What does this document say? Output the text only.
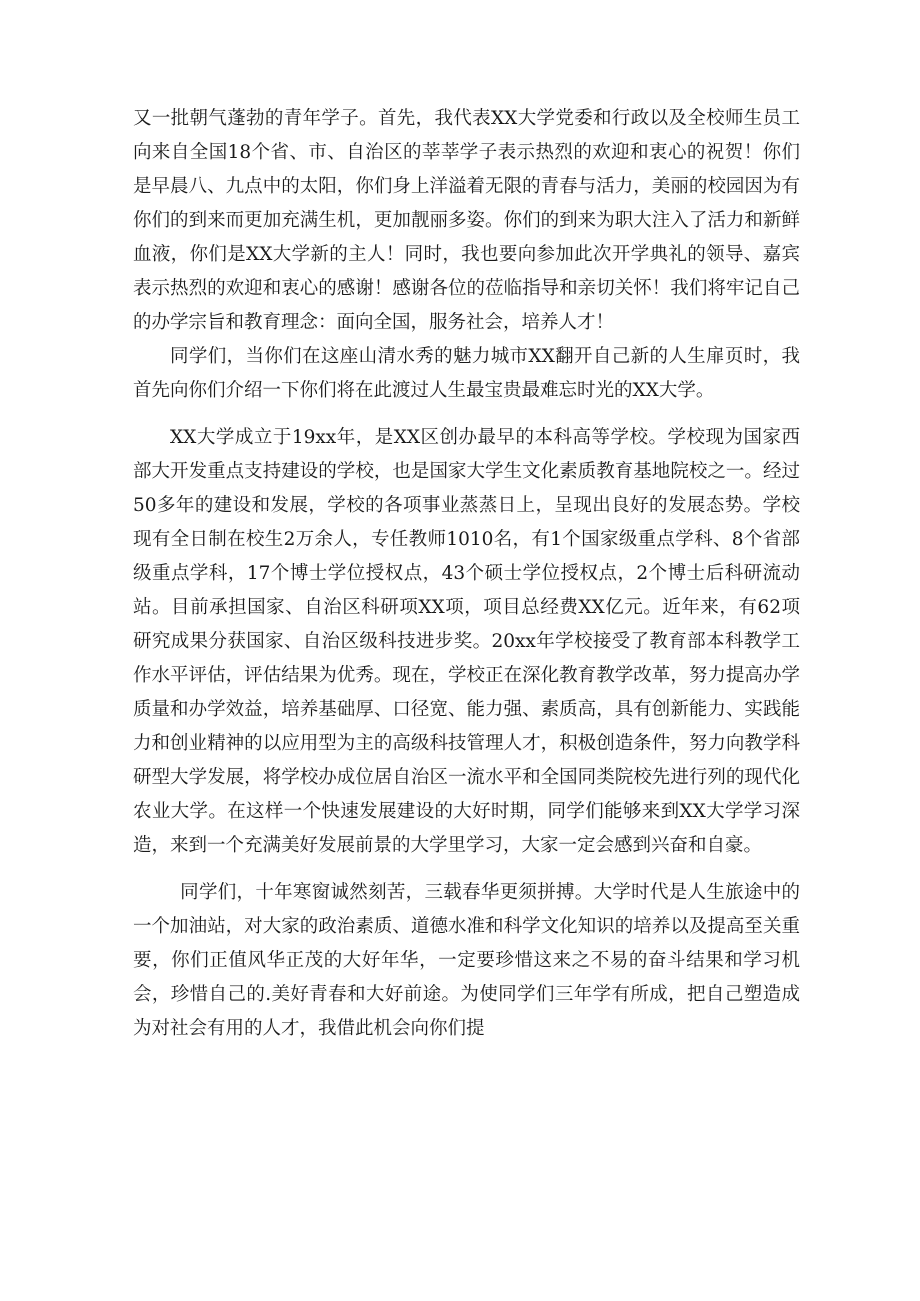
又一批朝气蓬勃的青年学子。首先，我代表XX大学党委和行政以及全校师生员工向来自全国18个省、市、自治区的莘莘学子表示热烈的欢迎和衷心的祝贺！你们是早晨八、九点中的太阳，你们身上洋溢着无限的青春与活力，美丽的校园因为有你们的到来而更加充满生机，更加靓丽多姿。你们的到来为职大注入了活力和新鲜血液，你们是XX大学新的主人！同时，我也要向参加此次开学典礼的领导、嘉宾表示热烈的欢迎和衷心的感谢！感谢各位的莅临指导和亲切关怀！我们将牢记自己的办学宗旨和教育理念：面向全国，服务社会，培养人才！

同学们，当你们在这座山清水秀的魅力城市XX翻开自己新的人生扉页时，我首先向你们介绍一下你们将在此渡过人生最宝贵最难忘时光的XX大学。

XX大学成立于19xx年，是XX区创办最早的本科高等学校。学校现为国家西部大开发重点支持建设的学校，也是国家大学生文化素质教育基地院校之一。经过50多年的建设和发展，学校的各项事业蒸蒸日上，呈现出良好的发展态势。学校现有全日制在校生2万余人，专任教师1010名，有1个国家级重点学科、8个省部级重点学科，17个博士学位授权点，43个硕士学位授权点，2个博士后科研流动站。目前承担国家、自治区科研项XX项，项目总经费XX亿元。近年来，有62项研究成果分获国家、自治区级科技进步奖。20xx年学校接受了教育部本科教学工作水平评估，评估结果为优秀。现在，学校正在深化教育教学改革，努力提高办学质量和办学效益，培养基础厚、口径宽、能力强、素质高，具有创新能力、实践能力和创业精神的以应用型为主的高级科技管理人才，积极创造条件，努力向教学科研型大学发展，将学校办成位居自治区一流水平和全国同类院校先进行列的现代化农业大学。在这样一个快速发展建设的大好时期，同学们能够来到XX大学学习深造，来到一个充满美好发展前景的大学里学习，大家一定会感到兴奋和自豪。

同学们，十年寒窗诚然刻苦，三载春华更须拼搏。大学时代是人生旅途中的一个加油站，对大家的政治素质、道德水准和科学文化知识的培养以及提高至关重要，你们正值风华正茂的大好年华，一定要珍惜这来之不易的奋斗结果和学习机会，珍惜自己的.美好青春和大好前途。为使同学们三年学有所成，把自己塑造成为对社会有用的人才，我借此机会向你们提
